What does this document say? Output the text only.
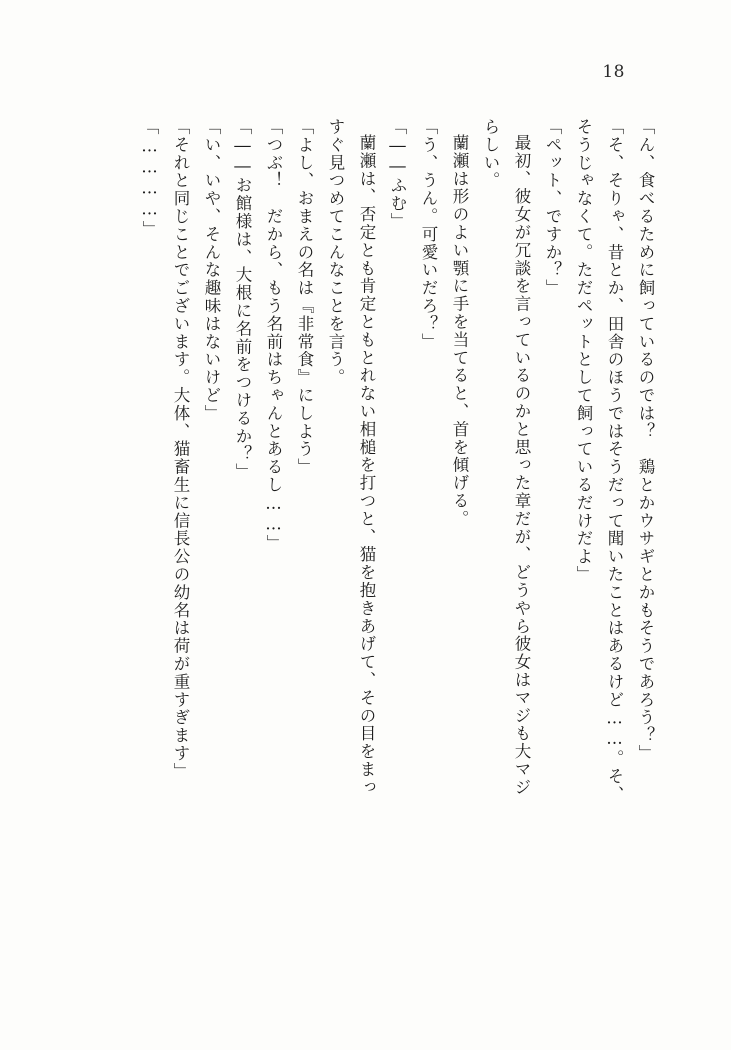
18
「ん、食べるために飼っているのでは？　鶏とかウサギとかもそうであろう？」
「そ、そりゃ、昔とか、田舎のほうではそうだって聞いたことはあるけど……。そ、
そうじゃなくて。ただペットとして飼っているだけだよ」
「ペット、ですか？」
最初、彼女が冗談を言っているのかと思った章だが、どうやら彼女はマジも大マジ
らしい。
蘭瀬は形のよい顎に手を当てると、首を傾げる。
「う、うん。可愛いだろ？」
「――ふむ」
蘭瀬は、否定とも肯定ともとれない相槌を打つと、猫を抱きあげて、その目をまっ
すぐ見つめてこんなことを言う。
「よし、おまえの名は『非常食』にしよう」
「つぶ！　だから、もう名前はちゃんとあるし……」
「――お館様は、大根に名前をつけるか？」
「い、いや、そんな趣味はないけど」
「それと同じことでございます。大体、猫畜生に信長公の幼名は荷が重すぎます」
「…………」
